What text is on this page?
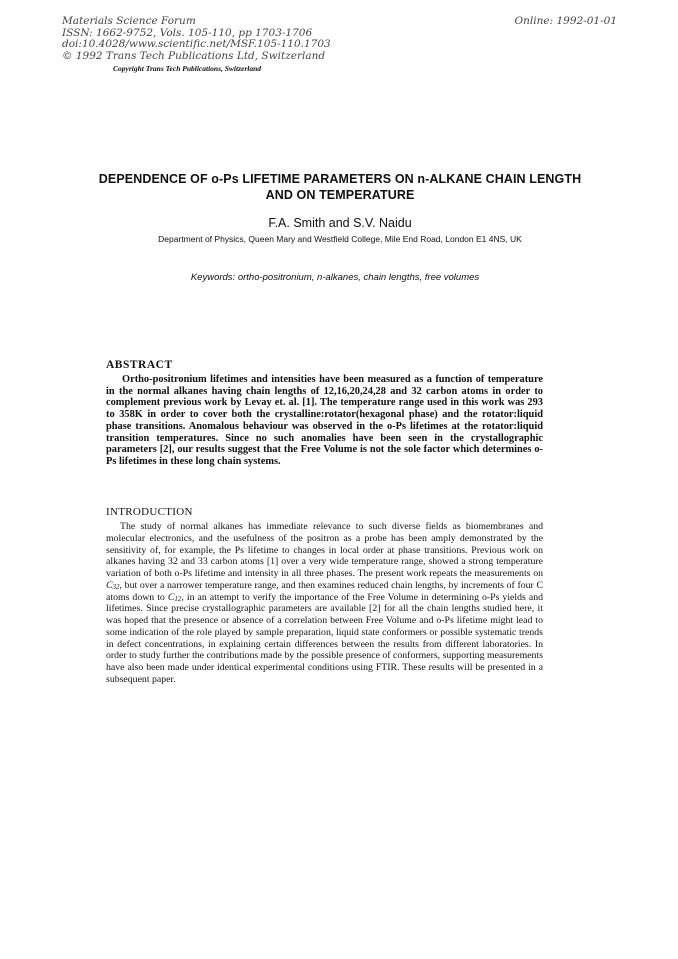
Materials Science Forum
ISSN: 1662-9752, Vols. 105-110, pp 1703-1706
doi:10.4028/www.scientific.net/MSF.105-110.1703
© 1992 Trans Tech Publications Ltd, Switzerland
Copyright Trans Tech Publications, Switzerland
Online: 1992-01-01
DEPENDENCE OF o-Ps LIFETIME PARAMETERS ON n-ALKANE CHAIN LENGTH AND ON TEMPERATURE
F.A. Smith and S.V. Naidu
Department of Physics, Queen Mary and Westfield College, Mile End Road, London E1 4NS, UK
Keywords: ortho-positronium, n-alkanes, chain lengths, free volumes
ABSTRACT
Ortho-positronium lifetimes and intensities have been measured as a function of temperature in the normal alkanes having chain lengths of 12,16,20,24,28 and 32 carbon atoms in order to complement previous work by Levay et. al. [1]. The temperature range used in this work was 293 to 358K in order to cover both the crystalline:rotator(hexagonal phase) and the rotator:liquid phase transitions. Anomalous behaviour was observed in the o-Ps lifetimes at the rotator:liquid transition temperatures. Since no such anomalies have been seen in the crystallographic parameters [2], our results suggest that the Free Volume is not the sole factor which determines o-Ps lifetimes in these long chain systems.
INTRODUCTION
The study of normal alkanes has immediate relevance to such diverse fields as biomembranes and molecular electronics, and the usefulness of the positron as a probe has been amply demonstrated by the sensitivity of, for example, the Ps lifetime to changes in local order at phase transitions. Previous work on alkanes having 32 and 33 carbon atoms [1] over a very wide temperature range, showed a strong temperature variation of both o-Ps lifetime and intensity in all three phases. The present work repeats the measurements on $C_{32}$, but over a narrower temperature range, and then examines reduced chain lengths, by increments of four C atoms down to $C_{12}$, in an attempt to verify the importance of the Free Volume in determining o-Ps yields and lifetimes. Since precise crystallographic parameters are available [2] for all the chain lengths studied here, it was hoped that the presence or absence of a correlation between Free Volume and o-Ps lifetime might lead to some indication of the role played by sample preparation, liquid state conformers or possible systematic trends in defect concentrations, in explaining certain differences between the results from different laboratories. In order to study further the contributions made by the possible presence of conformers, supporting measurements have also been made under identical experimental conditions using FTIR. These results will be presented in a subsequent paper.
